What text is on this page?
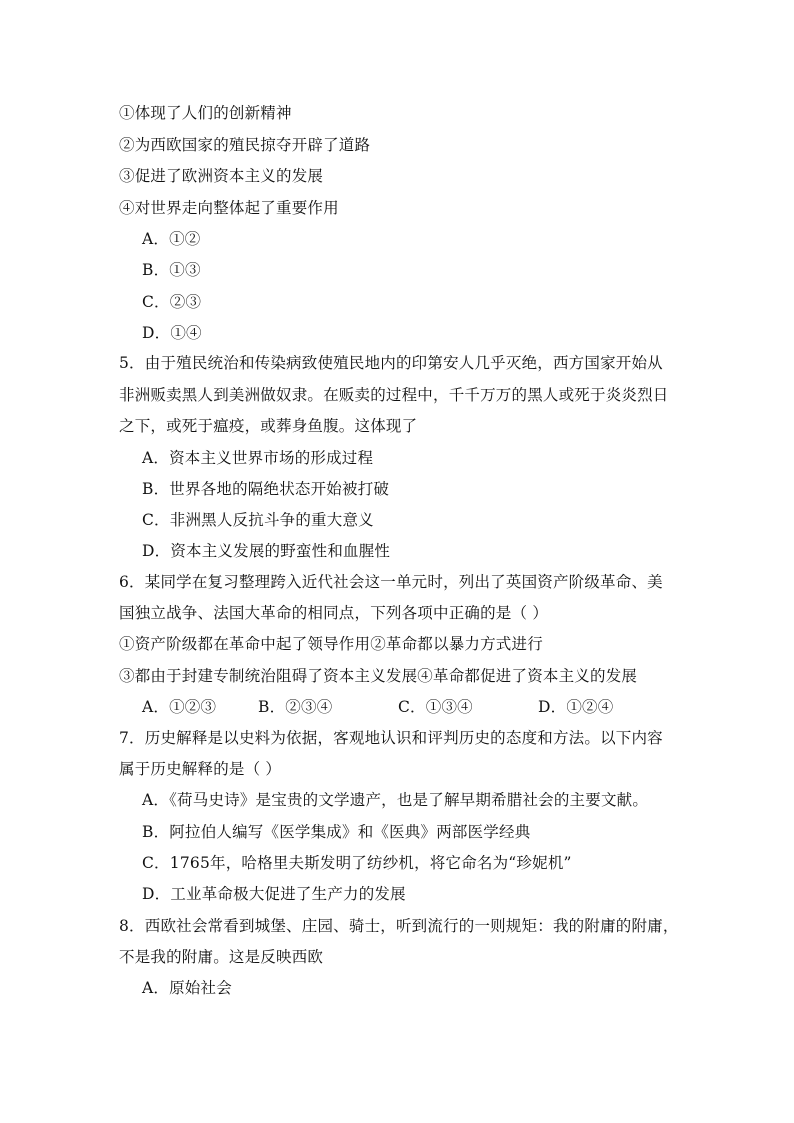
①体现了人们的创新精神
②为西欧国家的殖民掠夺开辟了道路
③促进了欧洲资本主义的发展
④对世界走向整体起了重要作用
A．①②
B．①③
C．②③
D．①④
5．由于殖民统治和传染病致使殖民地内的印第安人几乎灭绝，西方国家开始从
非洲贩卖黑人到美洲做奴隶。在贩卖的过程中，千千万万的黑人或死于炎炎烈日
之下，或死于瘟疫，或葬身鱼腹。这体现了
A．资本主义世界市场的形成过程
B．世界各地的隔绝状态开始被打破
C．非洲黑人反抗斗争的重大意义
D．资本主义发展的野蛮性和血腥性
6．某同学在复习整理跨入近代社会这一单元时，列出了英国资产阶级革命、美
国独立战争、法国大革命的相同点，下列各项中正确的是（ ）
①资产阶级都在革命中起了领导作用②革命都以暴力方式进行
③都由于封建专制统治阻碍了资本主义发展④革命都促进了资本主义的发展
A．①②③	B．②③④	C．①③④	D．①②④
7．历史解释是以史料为依据，客观地认识和评判历史的态度和方法。以下内容
属于历史解释的是（ ）
A．《荷马史诗》是宝贵的文学遗产，也是了解早期希腊社会的主要文献。
B．阿拉伯人编写《医学集成》和《医典》两部医学经典
C．1765年，哈格里夫斯发明了纺纱机，将它命名为“珍妮机”
D．工业革命极大促进了生产力的发展
8．西欧社会常看到城堡、庄园、骑士，听到流行的一则规矩：我的附庸的附庸，
不是我的附庸。这是反映西欧
A．原始社会
